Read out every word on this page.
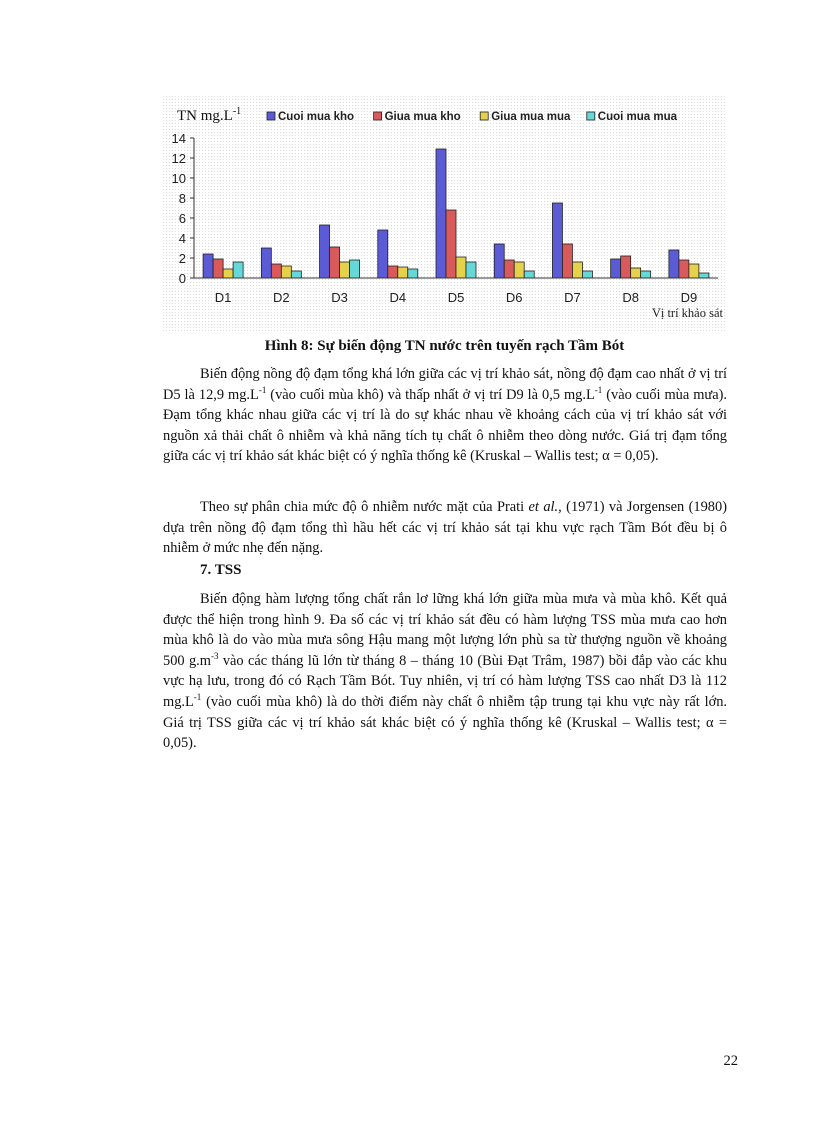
TN $mg.L^{-1}$	Cuoi mua kho	Giua mua kho	Giua mua mua Cuoi mua mua
0
2
4
6
8
10
12
14
D1	D2	D3	D4	D5	D6	D7	D8	D9
Vị trí khảo sát
Hình 8: Sự biến động TN nước trên tuyến rạch Tầm Bót

Biến động nồng độ đạm tổng khá lớn giữa các vị trí khảo sát, nồng độ đạm cao nhất ở vị trí D5 là 12,9 $mg.L^{-1}$ (vào cuối mùa khô) và thấp nhất ở vị trí D9 là 0,5 $mg.L^{-1}$ (vào cuối mùa mưa). Đạm tổng khác nhau giữa các vị trí là do sự khác nhau về khoảng cách của vị trí khảo sát với nguồn xả thải chất ô nhiễm và khả năng tích tụ chất ô nhiễm theo dòng nước. Giá trị đạm tổng giữa các vị trí khảo sát khác biệt có ý nghĩa thống kê (Kruskal – Wallis test; α = 0,05).

Theo sự phân chia mức độ ô nhiễm nước mặt của Prati et al., (1971) và Jorgensen (1980) dựa trên nồng độ đạm tổng thì hầu hết các vị trí khảo sát tại khu vực rạch Tầm Bót đều bị ô nhiễm ở mức nhẹ đến nặng.

7. TSS

Biến động hàm lượng tổng chất rắn lơ lững khá lớn giữa mùa mưa và mùa khô. Kết quả được thể hiện trong hình 9. Đa số các vị trí khảo sát đều có hàm lượng TSS mùa mưa cao hơn mùa khô là do vào mùa mưa sông Hậu mang một lượng lớn phù sa từ thượng nguồn về khoảng 500 $g.m^{-3}$ vào các tháng lũ lớn từ tháng 8 – tháng 10 (Bùi Đạt Trâm, 1987) bồi đắp vào các khu vực hạ lưu, trong đó có Rạch Tầm Bót. Tuy nhiên, vị trí có hàm lượng TSS cao nhất D3 là 112 $mg.L^{-1}$ (vào cuối mùa khô) là do thời điểm này chất ô nhiễm tập trung tại khu vực này rất lớn. Giá trị TSS giữa các vị trí khảo sát khác biệt có ý nghĩa thống kê (Kruskal – Wallis test; α = 0,05).

22
